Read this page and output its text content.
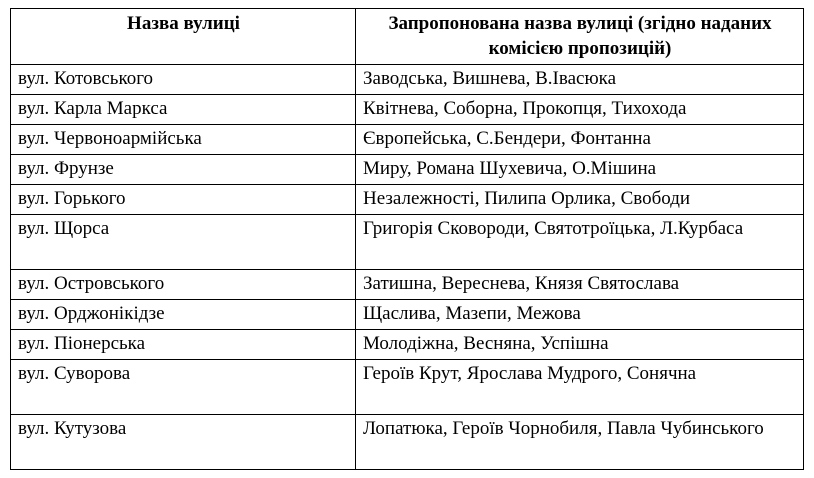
Назва вулиці	Запропонована назва вулиці (згідно наданих комісією пропозицій)
вул. Котовського	Заводська, Вишнева, В.Івасюка
вул. Карла Маркса	Квітнева, Соборна, Прокопця, Тихохода
вул. Червоноармійська	Європейська, С.Бендери, Фонтанна
вул. Фрунзе	Миру, Романа Шухевича, О.Мішина
вул. Горького	Незалежності, Пилипа Орлика, Свободи
вул. Щорса	Григорія Сковороди, Святотроїцька, Л.Курбаса
вул. Островського	Затишна, Вереснева, Князя Святослава
вул. Орджонікідзе	Щаслива, Мазепи, Межова
вул. Піонерська	Молодіжна, Весняна, Успішна
вул. Суворова	Героїв Крут, Ярослава Мудрого, Сонячна
вул. Кутузова	Лопатюка, Героїв Чорнобиля, Павла Чубинського
